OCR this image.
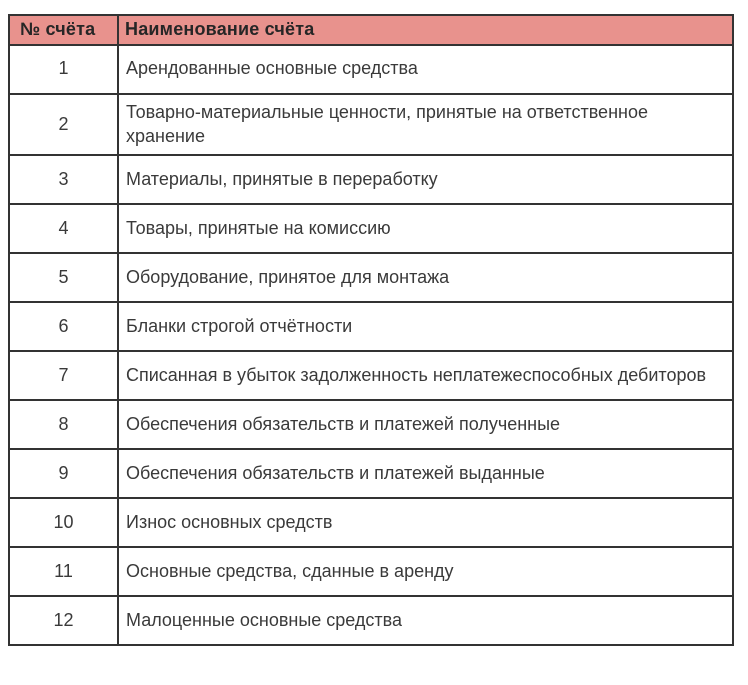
№ счёта	Наименование счёта
1	Арендованные основные средства
2	Товарно-материальные ценности, принятые на ответственное хранение
3	Материалы, принятые в переработку
4	Товары, принятые на комиссию
5	Оборудование, принятое для монтажа
6	Бланки строгой отчётности
7	Списанная в убыток задолженность неплатежеспособных дебиторов
8	Обеспечения обязательств и платежей полученные
9	Обеспечения обязательств и платежей выданные
10	Износ основных средств
11	Основные средства, сданные в аренду
12	Малоценные основные средства
